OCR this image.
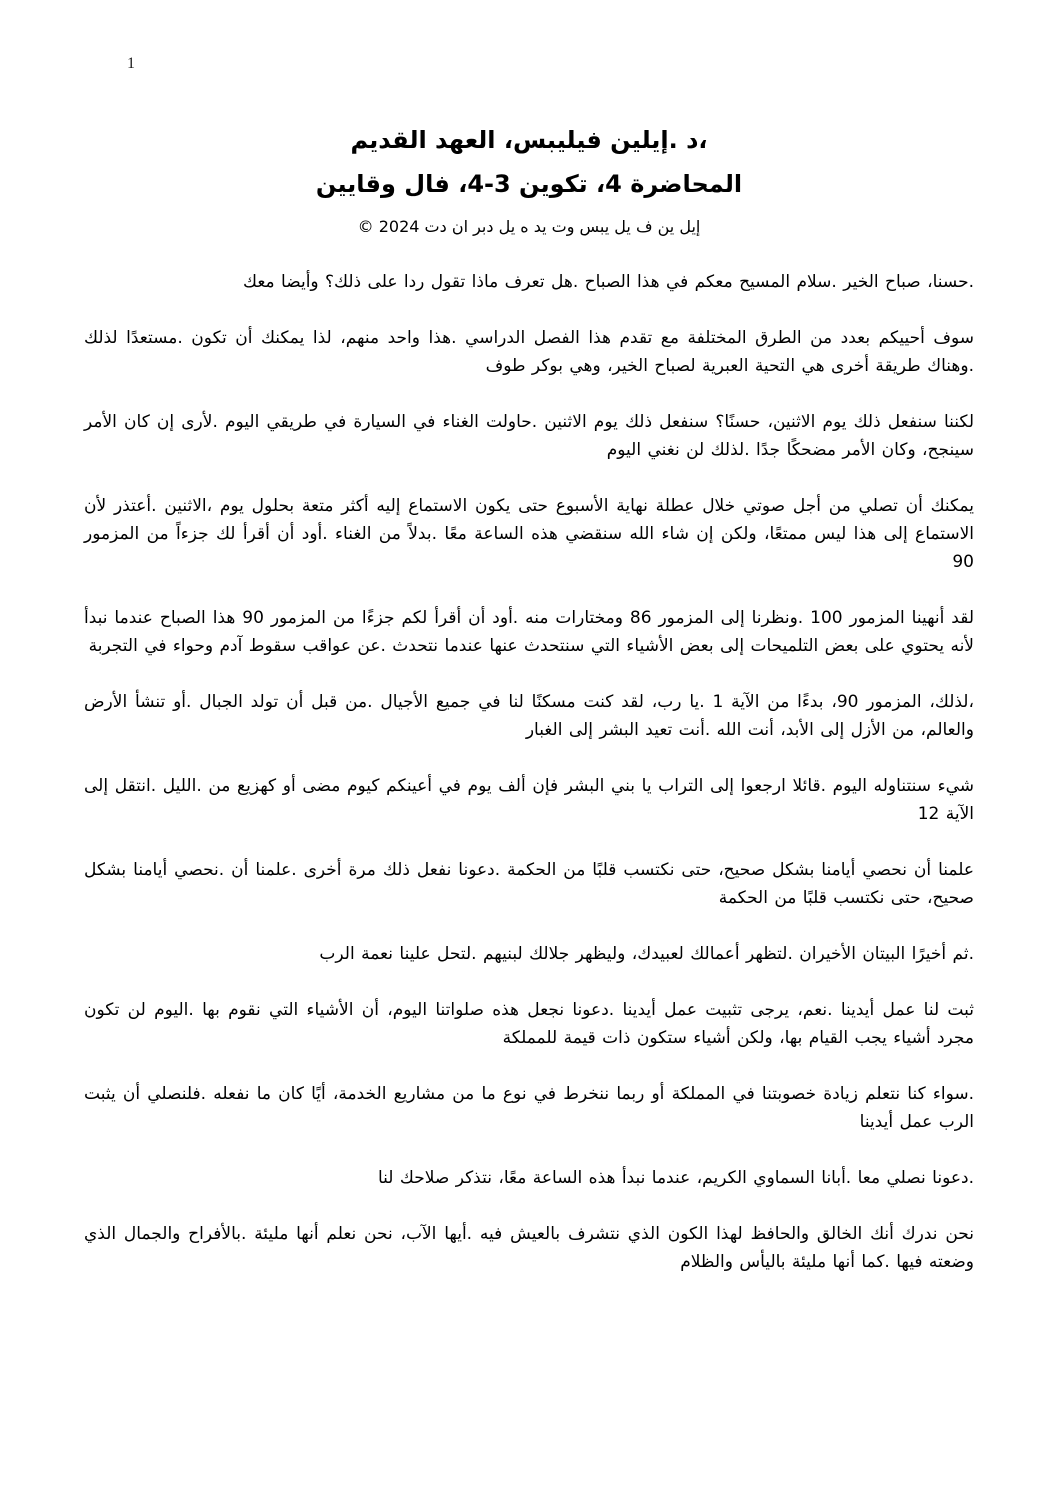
1
،د .إيلين فيليبس، العهد القديم
المحاضرة 4، تكوين 3-4، فال وقايين
إيل ين ف يل يبس وت يد ه يل دبر ان دت 2024 ©

.حسنا، صباح الخير .سلام المسيح معكم في هذا الصباح .هل تعرف ماذا تقول ردا على ذلك؟ وأيضا معك

سوف أحييكم بعدد من الطرق المختلفة مع تقدم هذا الفصل الدراسي .هذا واحد منهم، لذا يمكنك أن تكون .مستعدًا لذلك .وهناك طريقة أخرى هي التحية العبرية لصباح الخير، وهي بوكر طوف

لكننا سنفعل ذلك يوم الاثنين، حسنًا؟ سنفعل ذلك يوم الاثنين .حاولت الغناء في السيارة في طريقي اليوم .لأرى إن كان الأمر سينجح، وكان الأمر مضحكًا جدًا .لذلك لن نغني اليوم

يمكنك أن تصلي من أجل صوتي خلال عطلة نهاية الأسبوع حتى يكون الاستماع إليه أكثر متعة بحلول يوم ،الاثنين .أعتذر لأن الاستماع إلى هذا ليس ممتعًا، ولكن إن شاء الله سنقضي هذه الساعة معًا .بدلاً من الغناء .أود أن أقرأ لك جزءاً من المزمور 90

لقد أنهينا المزمور 100 .ونظرنا إلى المزمور 86 ومختارات منه .أود أن أقرأ لكم جزءًا من المزمور 90 هذا الصباح عندما نبدأ لأنه يحتوي على بعض التلميحات إلى بعض الأشياء التي سنتحدث عنها عندما نتحدث .عن عواقب سقوط آدم وحواء في التجربة

،لذلك، المزمور 90، بدءًا من الآية 1 .يا رب، لقد كنت مسكنًا لنا في جميع الأجيال .من قبل أن تولد الجبال .أو تنشأ الأرض والعالم، من الأزل إلى الأبد، أنت الله .أنت تعيد البشر إلى الغبار

شيء سنتناوله اليوم .قائلا ارجعوا إلى التراب يا بني البشر فإن ألف يوم في أعينكم كيوم مضى أو كهزيع من .الليل .انتقل إلى الآية 12

علمنا أن نحصي أيامنا بشكل صحيح، حتى نكتسب قلبًا من الحكمة .دعونا نفعل ذلك مرة أخرى .علمنا أن .نحصي أيامنا بشكل صحيح، حتى نكتسب قلبًا من الحكمة

.ثم أخيرًا البيتان الأخيران .لتظهر أعمالك لعبيدك، وليظهر جلالك لبنيهم .لتحل علينا نعمة الرب

ثبت لنا عمل أيدينا .نعم، يرجى تثبيت عمل أيدينا .دعونا نجعل هذه صلواتنا اليوم، أن الأشياء التي نقوم بها .اليوم لن تكون مجرد أشياء يجب القيام بها، ولكن أشياء ستكون ذات قيمة للمملكة

.سواء كنا نتعلم زيادة خصوبتنا في المملكة أو ربما ننخرط في نوع ما من مشاريع الخدمة، أيًا كان ما نفعله .فلنصلي أن يثبت الرب عمل أيدينا

.دعونا نصلي معا .أبانا السماوي الكريم، عندما نبدأ هذه الساعة معًا، نتذكر صلاحك لنا

نحن ندرك أنك الخالق والحافظ لهذا الكون الذي نتشرف بالعيش فيه .أيها الآب، نحن نعلم أنها مليئة .بالأفراح والجمال الذي وضعته فيها .كما أنها مليئة باليأس والظلام
